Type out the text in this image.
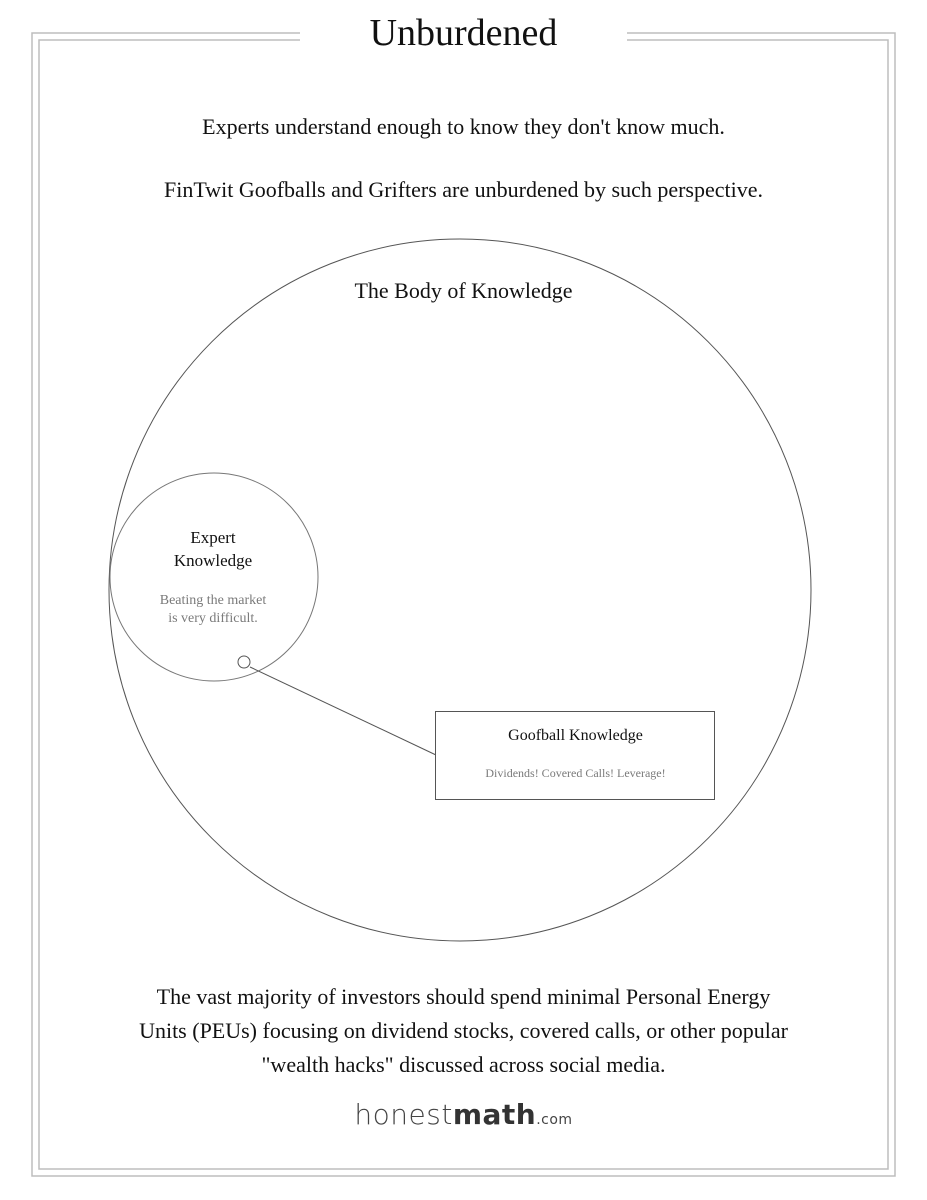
Unburdened
Experts understand enough to know they don't know much.
FinTwit Goofballs and Grifters are unburdened by such perspective.
The Body of Knowledge
Expert
Knowledge
Beating the market
is very difficult.
Goofball Knowledge
Dividends! Covered Calls! Leverage!
The vast majority of investors should spend minimal Personal Energy
Units (PEUs) focusing on dividend stocks, covered calls, or other popular
"wealth hacks" discussed across social media.
honestmath.com
